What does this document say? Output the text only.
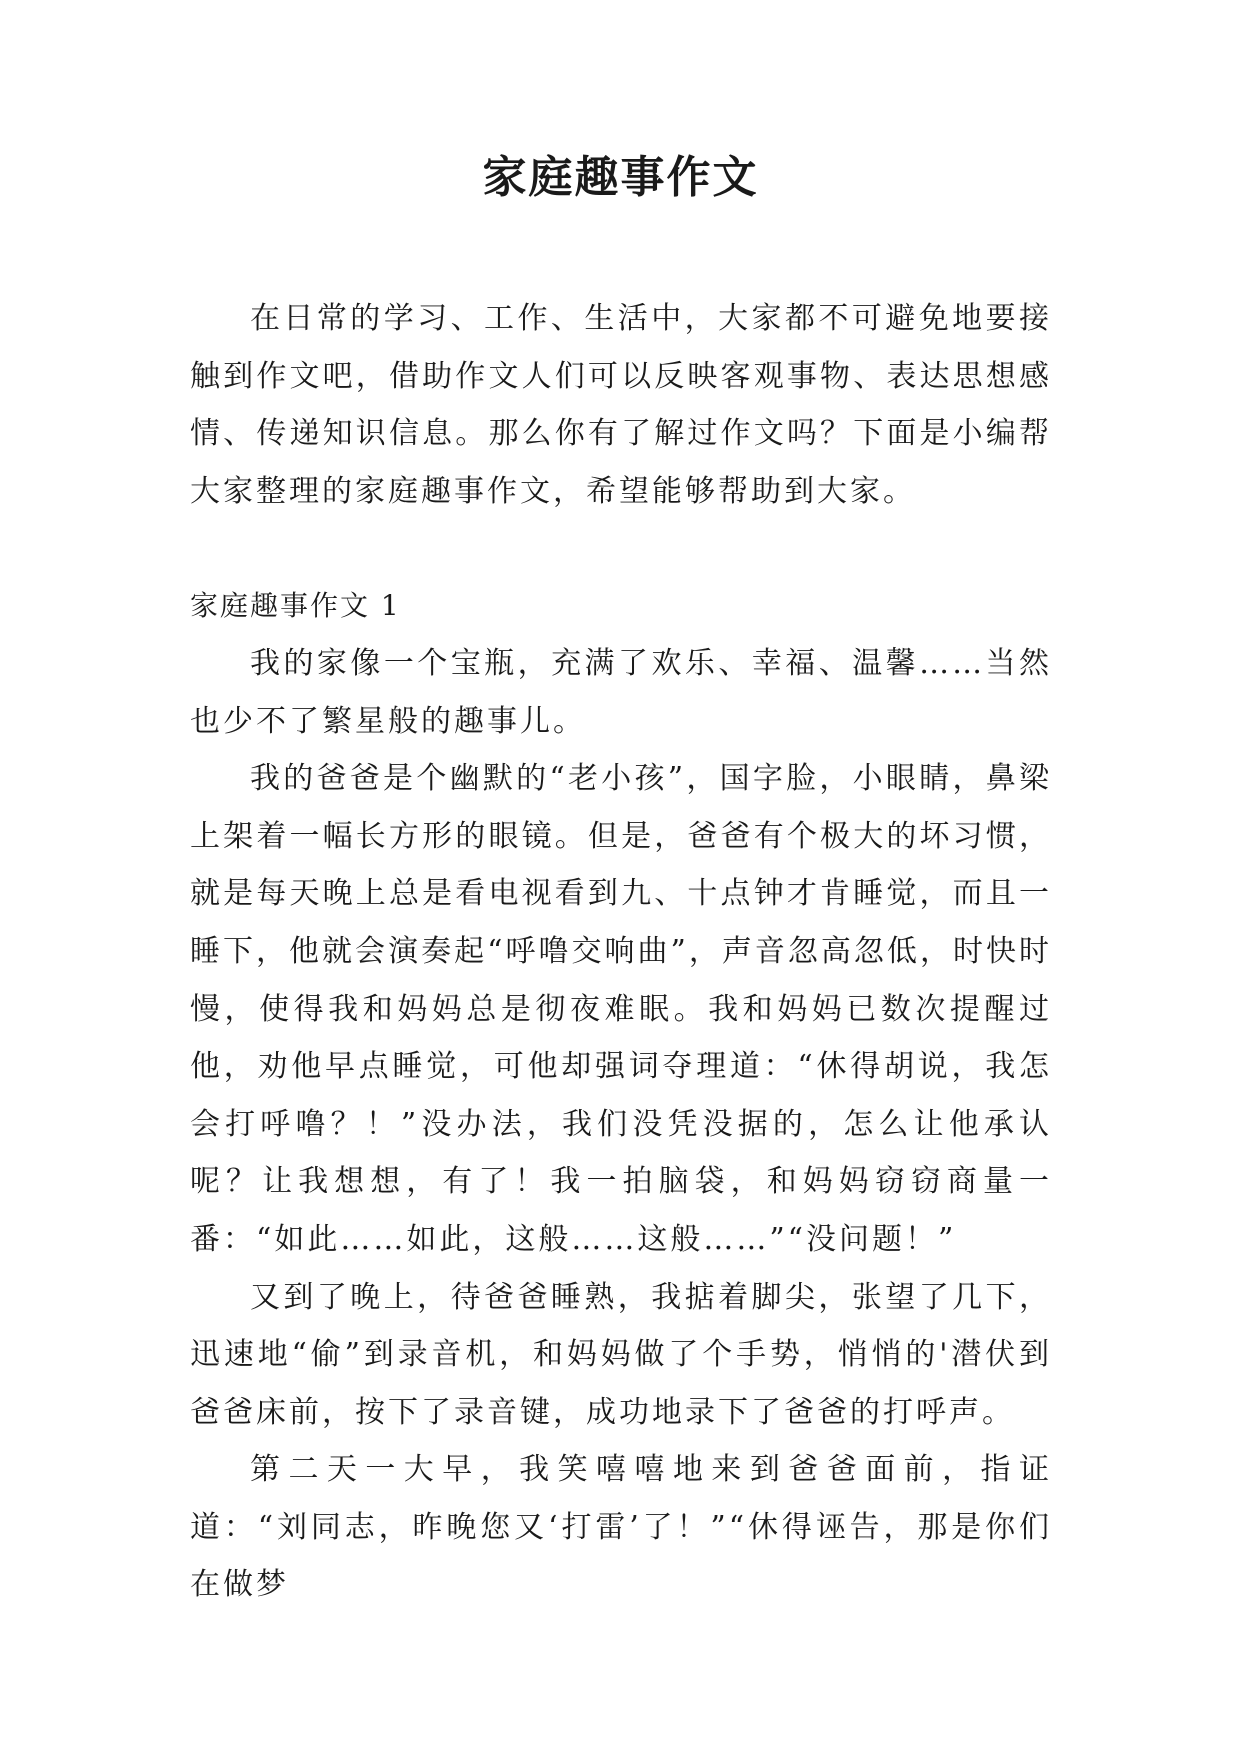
家庭趣事作文

在日常的学习、工作、生活中，大家都不可避免地要接触到作文吧，借助作文人们可以反映客观事物、表达思想感情、传递知识信息。那么你有了解过作文吗？下面是小编帮大家整理的家庭趣事作文，希望能够帮助到大家。

家庭趣事作文 1

我的家像一个宝瓶，充满了欢乐、幸福、温馨……当然也少不了繁星般的趣事儿。

我的爸爸是个幽默的“老小孩”，国字脸，小眼睛，鼻梁上架着一幅长方形的眼镜。但是，爸爸有个极大的坏习惯，就是每天晚上总是看电视看到九、十点钟才肯睡觉，而且一睡下，他就会演奏起“呼噜交响曲”，声音忽高忽低，时快时慢，使得我和妈妈总是彻夜难眠。我和妈妈已数次提醒过他，劝他早点睡觉，可他却强词夺理道：“休得胡说，我怎会打呼噜？！”没办法，我们没凭没据的，怎么让他承认呢？让我想想，有了！我一拍脑袋，和妈妈窃窃商量一番：“如此……如此，这般……这般……”“没问题！”

又到了晚上，待爸爸睡熟，我掂着脚尖，张望了几下，迅速地“偷”到录音机，和妈妈做了个手势，悄悄的'潜伏到爸爸床前，按下了录音键，成功地录下了爸爸的打呼声。

第二天一大早，我笑嘻嘻地来到爸爸面前，指证道：“刘同志，昨晚您又‘打雷’了！”“休得诬告，那是你们在做梦
